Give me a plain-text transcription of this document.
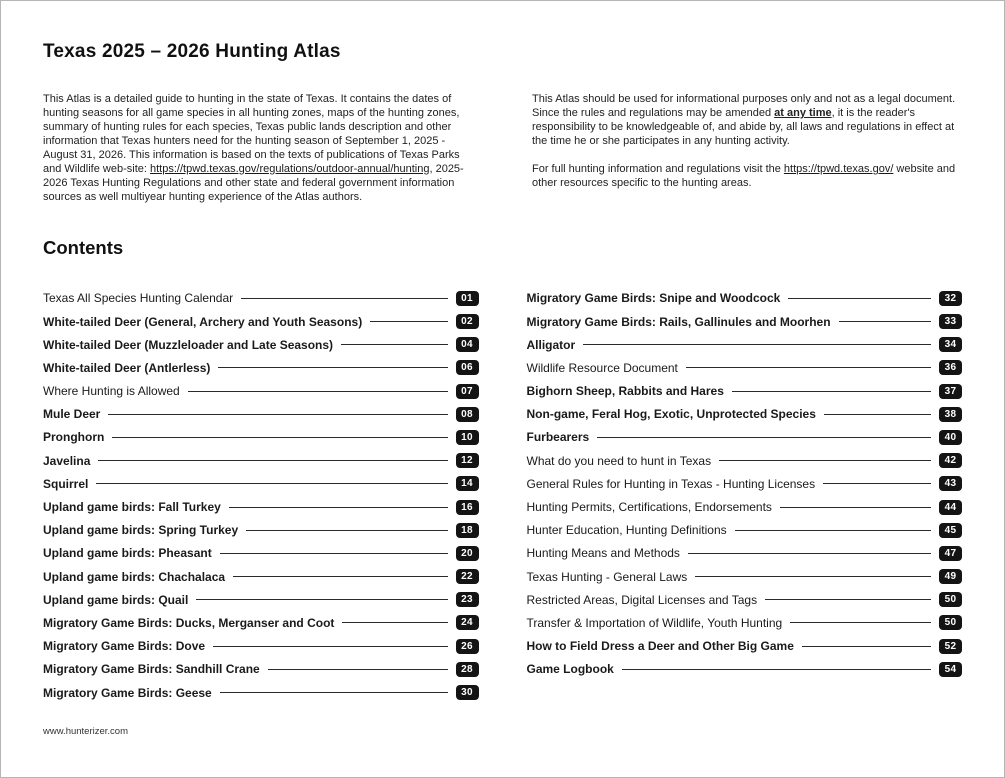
Texas 2025 – 2026 Hunting Atlas

This Atlas is a detailed guide to hunting in the state of Texas. It contains the dates of hunting seasons for all game species in all hunting zones, maps of the hunting zones, summary of hunting rules for each species, Texas public lands description and other information that Texas hunters need for the hunting season of September 1, 2025 - August 31, 2026. This information is based on the texts of publications of Texas Parks and Wildlife web-site: https://tpwd.texas.gov/regulations/outdoor-annual/hunting, 2025-2026 Texas Hunting Regulations and other state and federal government information sources as well multiyear hunting experience of the Atlas authors.

This Atlas should be used for informational purposes only and not as a legal document. Since the rules and regulations may be amended at any time, it is the reader's responsibility to be knowledgeable of, and abide by, all laws and regulations in effect at the time he or she participates in any hunting activity.

For full hunting information and regulations visit the https://tpwd.texas.gov/ website and other resources specific to the hunting areas.

Contents
Texas All Species Hunting Calendar	01
White-tailed Deer (General, Archery and Youth Seasons)	02
White-tailed Deer (Muzzleloader and Late Seasons)	04
White-tailed Deer (Antlerless)	06
Where Hunting is Allowed	07
Mule Deer	08
Pronghorn	10
Javelina	12
Squirrel	14
Upland game birds: Fall Turkey	16
Upland game birds: Spring Turkey	18
Upland game birds: Pheasant	20
Upland game birds: Chachalaca	22
Upland game birds: Quail	23
Migratory Game Birds: Ducks, Merganser and Coot	24
Migratory Game Birds: Dove	26
Migratory Game Birds: Sandhill Crane	28
Migratory Game Birds: Geese	30
Migratory Game Birds: Snipe and Woodcock	32
Migratory Game Birds: Rails, Gallinules and Moorhen	33
Alligator	34
Wildlife Resource Document	36
Bighorn Sheep, Rabbits and Hares	37
Non-game, Feral Hog, Exotic, Unprotected Species	38
Furbearers	40
What do you need to hunt in Texas	42
General Rules for Hunting in Texas - Hunting Licenses	43
Hunting Permits, Certifications, Endorsements	44
Hunter Education, Hunting Definitions	45
Hunting Means and Methods	47
Texas Hunting - General Laws	49
Restricted Areas, Digital Licenses and Tags	50
Transfer & Importation of Wildlife, Youth Hunting	50
How to Field Dress a Deer and Other Big Game	52
Game Logbook	54
www.hunterizer.com
